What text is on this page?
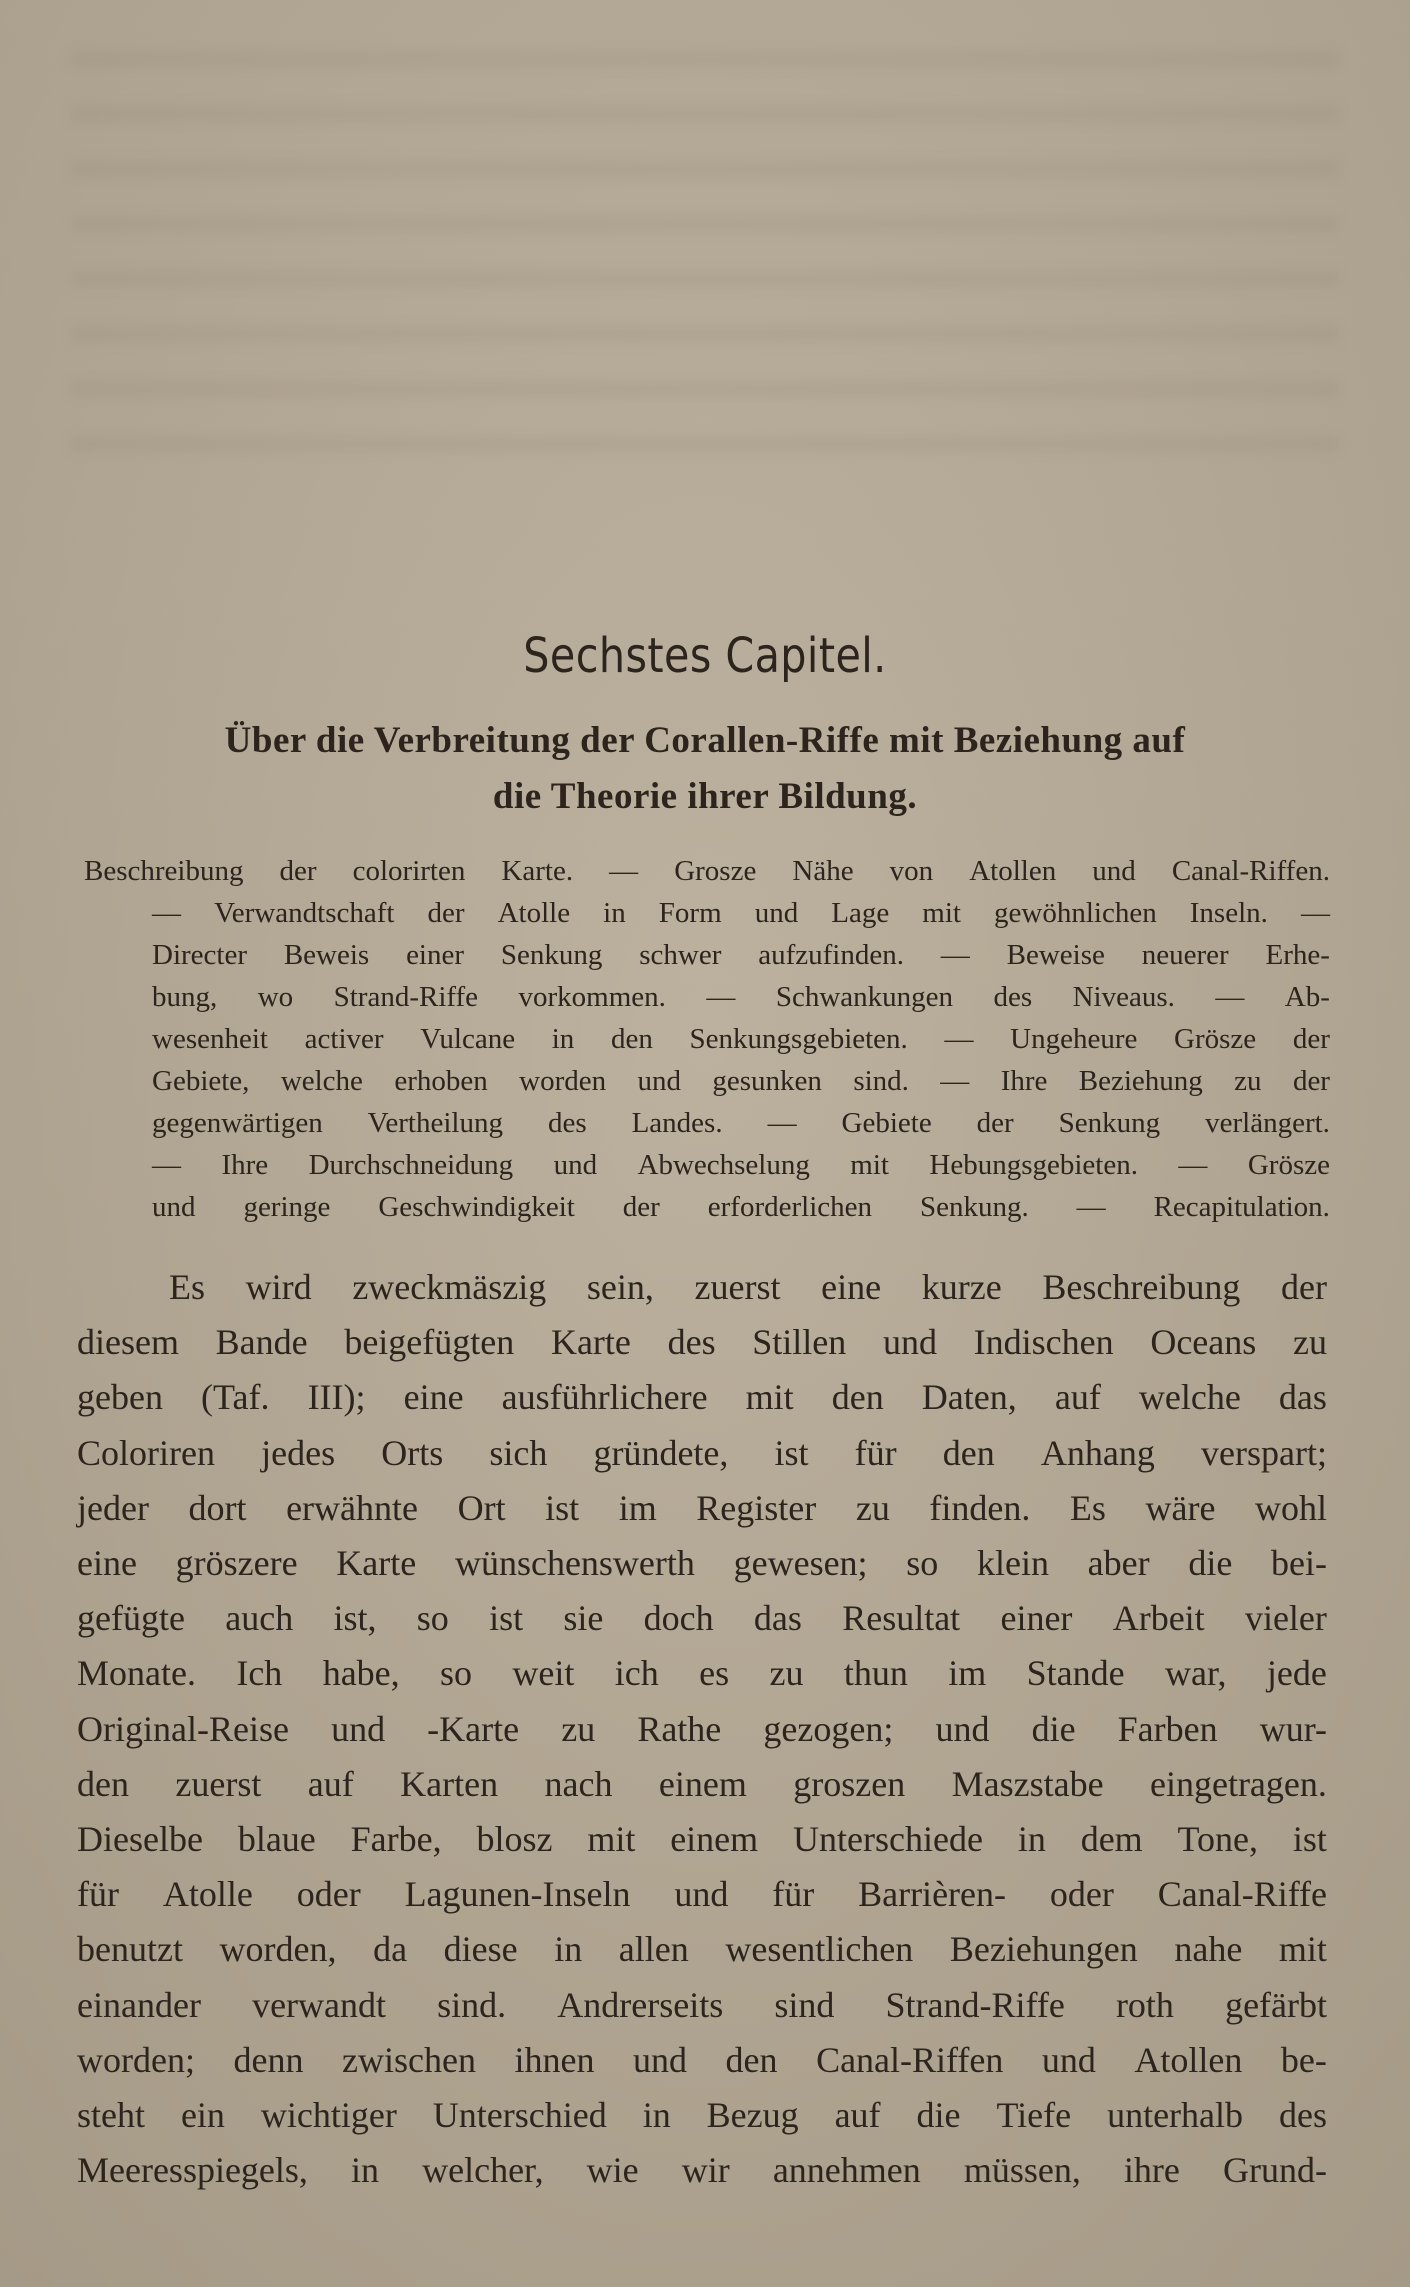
Sechstes Capitel.
Über die Verbreitung der Corallen-Riffe mit Beziehung auf
die Theorie ihrer Bildung.
Beschreibung der colorirten Karte. — Grosze Nähe von Atollen und Canal-Riffen.
— Verwandtschaft der Atolle in Form und Lage mit gewöhnlichen Inseln. —
Directer Beweis einer Senkung schwer aufzufinden. — Beweise neuerer Erhe-
bung, wo Strand-Riffe vorkommen. — Schwankungen des Niveaus. — Ab-
wesenheit activer Vulcane in den Senkungsgebieten. — Ungeheure Grösze der
Gebiete, welche erhoben worden und gesunken sind. — Ihre Beziehung zu der
gegenwärtigen Vertheilung des Landes. — Gebiete der Senkung verlängert.
— Ihre Durchschneidung und Abwechselung mit Hebungsgebieten. — Grösze
und geringe Geschwindigkeit der erforderlichen Senkung. — Recapitulation.
Es wird zweckmäszig sein, zuerst eine kurze Beschreibung der
diesem Bande beigefügten Karte des Stillen und Indischen Oceans zu
geben (Taf. III); eine ausführlichere mit den Daten, auf welche das
Coloriren jedes Orts sich gründete, ist für den Anhang verspart;
jeder dort erwähnte Ort ist im Register zu finden. Es wäre wohl
eine gröszere Karte wünschenswerth gewesen; so klein aber die bei-
gefügte auch ist, so ist sie doch das Resultat einer Arbeit vieler
Monate. Ich habe, so weit ich es zu thun im Stande war, jede
Original-Reise und -Karte zu Rathe gezogen; und die Farben wur-
den zuerst auf Karten nach einem groszen Maszstabe eingetragen.
Dieselbe blaue Farbe, blosz mit einem Unterschiede in dem Tone, ist
für Atolle oder Lagunen-Inseln und für Barrièren- oder Canal-Riffe
benutzt worden, da diese in allen wesentlichen Beziehungen nahe mit
einander verwandt sind. Andrerseits sind Strand-Riffe roth gefärbt
worden; denn zwischen ihnen und den Canal-Riffen und Atollen be-
steht ein wichtiger Unterschied in Bezug auf die Tiefe unterhalb des
Meeresspiegels, in welcher, wie wir annehmen müssen, ihre Grund-
